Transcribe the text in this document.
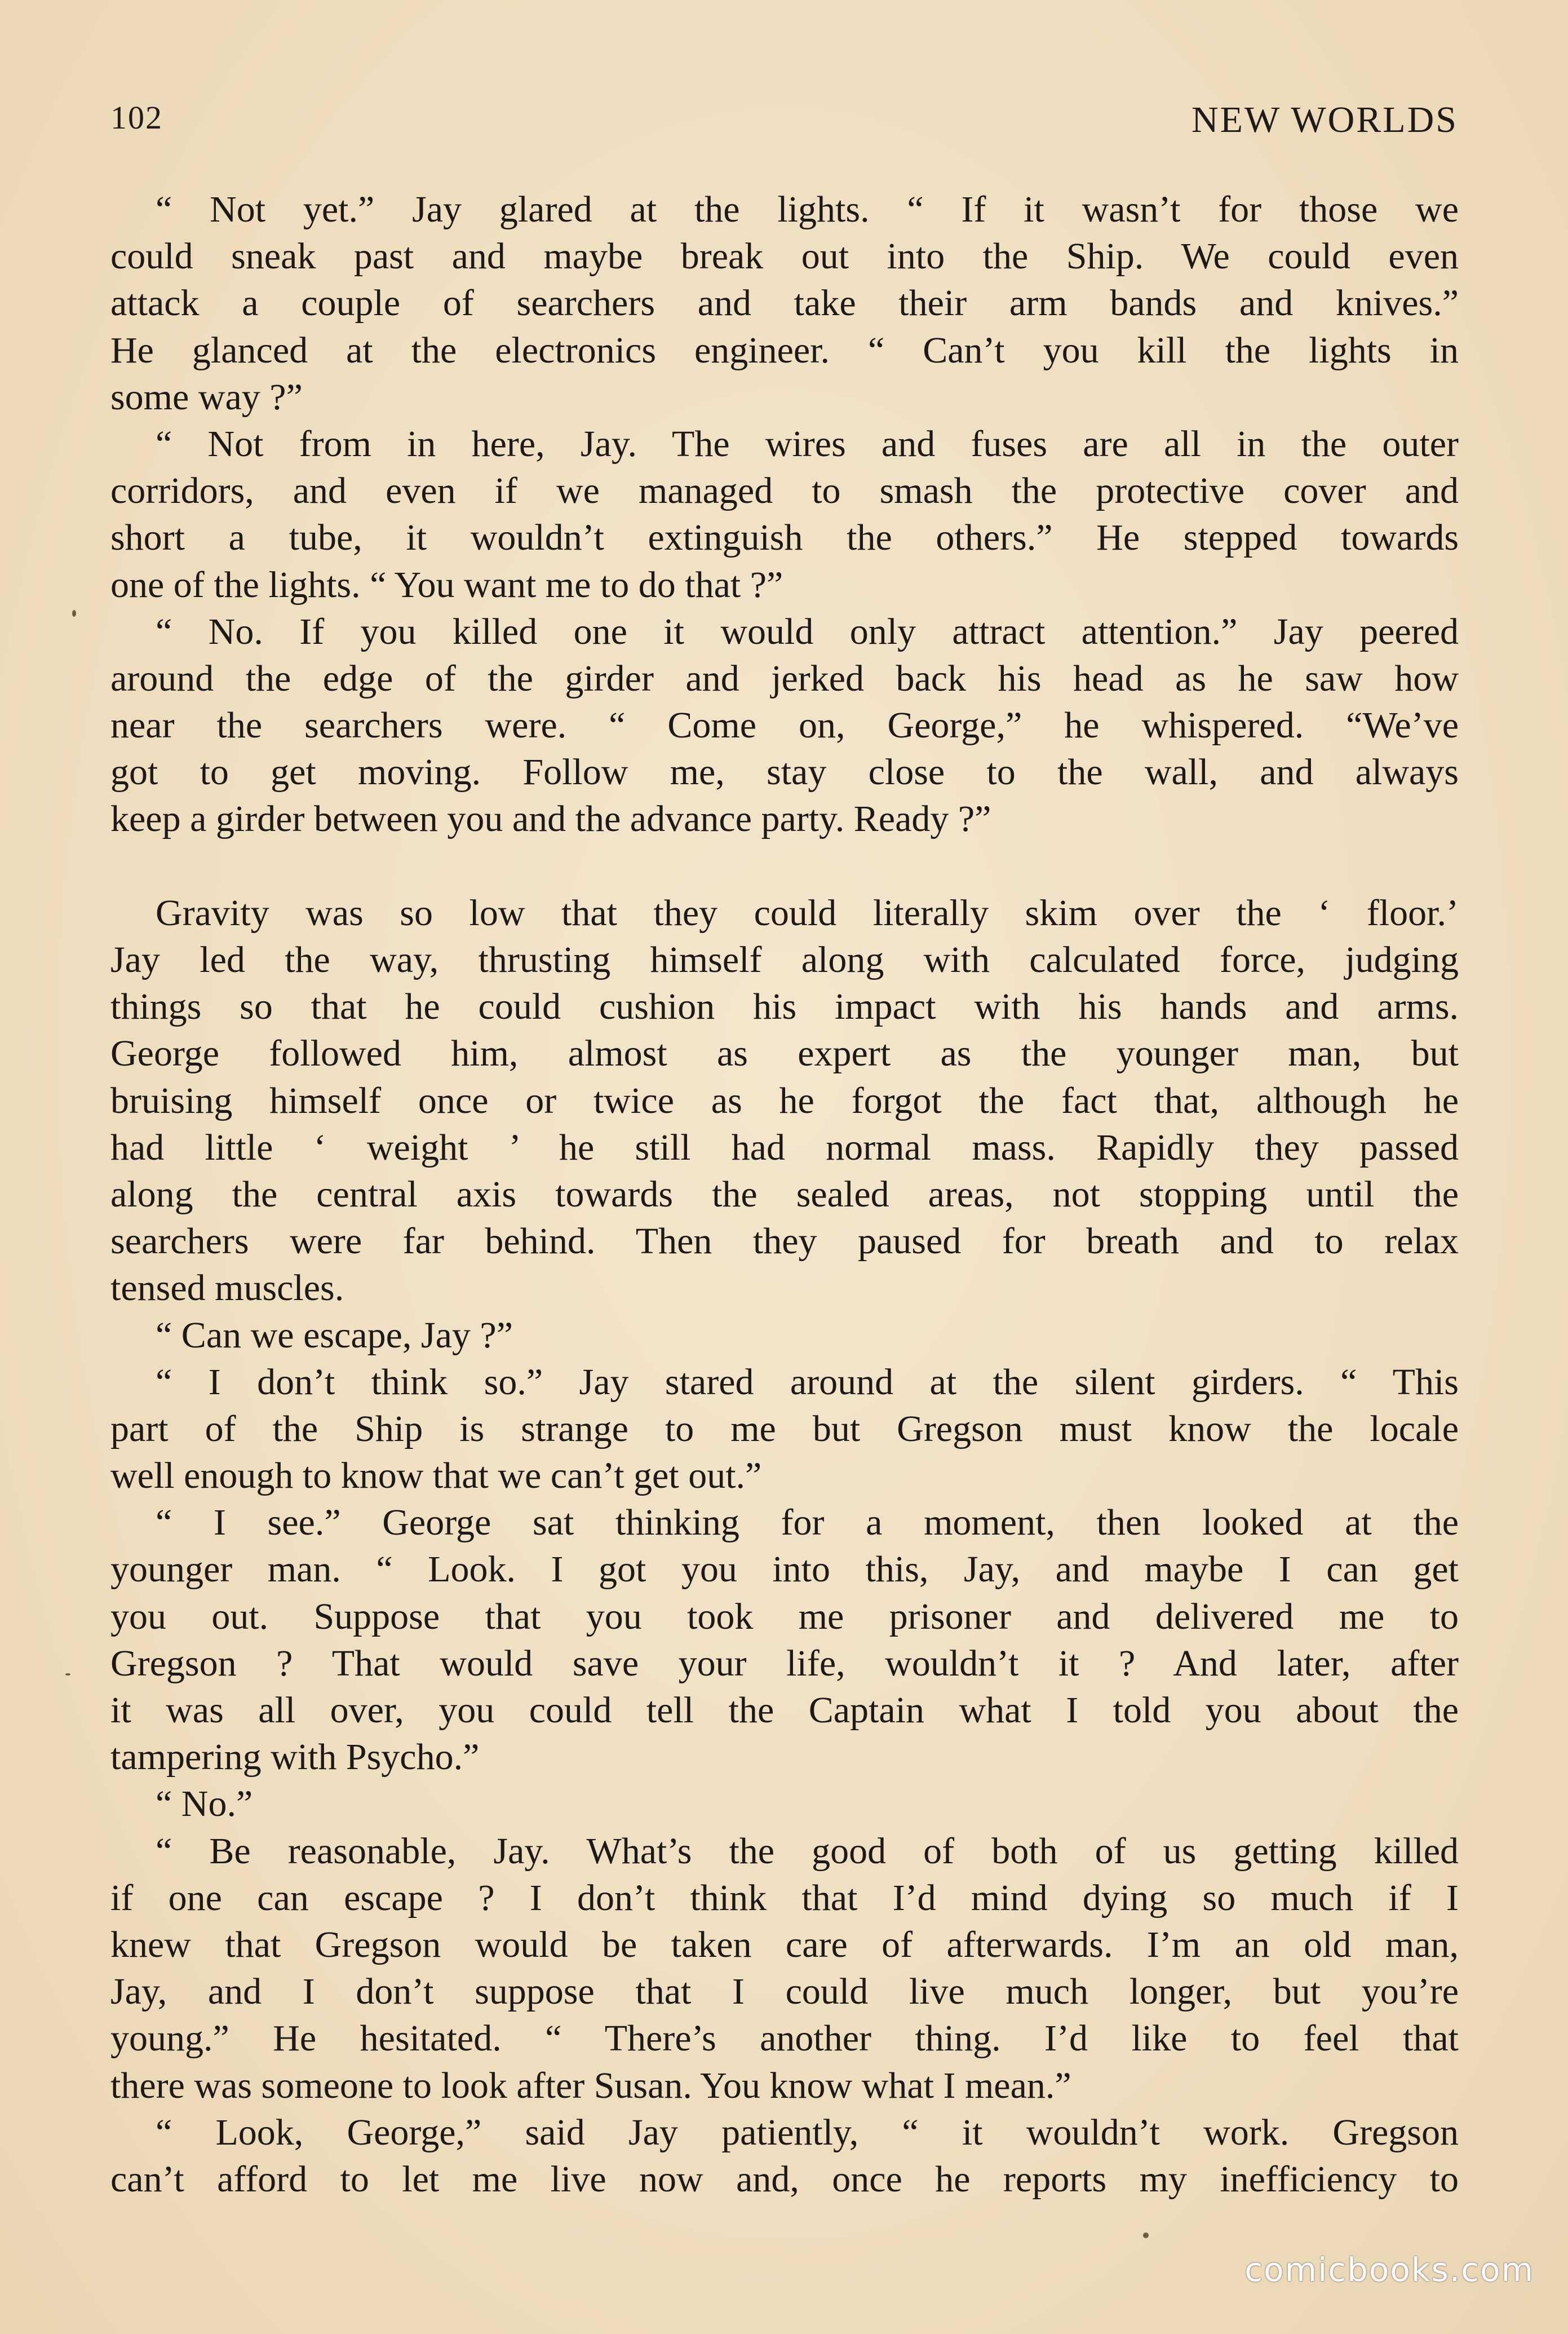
102	NEW WORLDS
“ Not yet.” Jay glared at the lights. “ If it wasn’t for those we
could sneak past and maybe break out into the Ship. We could even
attack a couple of searchers and take their arm bands and knives.”
He glanced at the electronics engineer. “ Can’t you kill the lights in
some way ?”
“ Not from in here, Jay. The wires and fuses are all in the outer
corridors, and even if we managed to smash the protective cover and
short a tube, it wouldn’t extinguish the others.” He stepped towards
one of the lights. “ You want me to do that ?”
“ No. If you killed one it would only attract attention.” Jay peered
around the edge of the girder and jerked back his head as he saw how
near the searchers were. “ Come on, George,” he whispered. “We’ve
got to get moving. Follow me, stay close to the wall, and always
keep a girder between you and the advance party. Ready ?”
Gravity was so low that they could literally skim over the ‘ floor.’
Jay led the way, thrusting himself along with calculated force, judging
things so that he could cushion his impact with his hands and arms.
George followed him, almost as expert as the younger man, but
bruising himself once or twice as he forgot the fact that, although he
had little ‘ weight ’ he still had normal mass. Rapidly they passed
along the central axis towards the sealed areas, not stopping until the
searchers were far behind. Then they paused for breath and to relax
tensed muscles.
“ Can we escape, Jay ?”
“ I don’t think so.” Jay stared around at the silent girders. “ This
part of the Ship is strange to me but Gregson must know the locale
well enough to know that we can’t get out.”
“ I see.” George sat thinking for a moment, then looked at the
younger man. “ Look. I got you into this, Jay, and maybe I can get
you out. Suppose that you took me prisoner and delivered me to
Gregson ? That would save your life, wouldn’t it ? And later, after
it was all over, you could tell the Captain what I told you about the
tampering with Psycho.”
“ No.”
“ Be reasonable, Jay. What’s the good of both of us getting killed
if one can escape ? I don’t think that I’d mind dying so much if I
knew that Gregson would be taken care of afterwards. I’m an old man,
Jay, and I don’t suppose that I could live much longer, but you’re
young.” He hesitated. “ There’s another thing. I’d like to feel that
there was someone to look after Susan. You know what I mean.”
“ Look, George,” said Jay patiently, “ it wouldn’t work. Gregson
can’t afford to let me live now and, once he reports my inefficiency to
comicbooks.com
